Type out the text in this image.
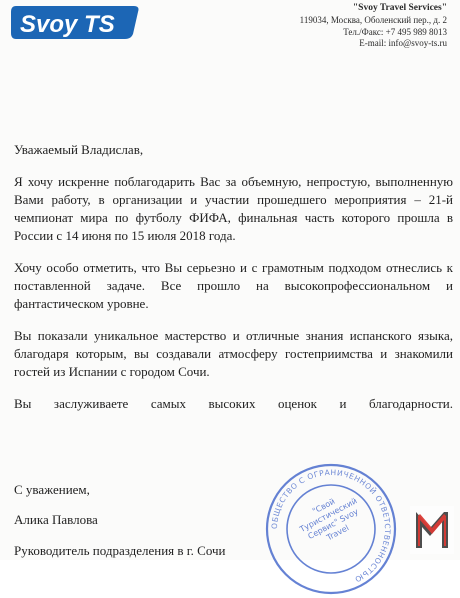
Svoy TS
"Svoy Travel Services"
119034, Москва, Оболенский пер., д. 2
Тел./Факс: +7 495 989 8013
E-mail: info@svoy-ts.ru

Уважаемый Владислав,

Я хочу искренне поблагодарить Вас за объемную, непростую, выполненную Вами работу, в организации и участии прошедшего мероприятия – 21-й чемпионат мира по футболу ФИФА, финальная часть которого прошла в России с 14 июня по 15 июля 2018 года.

Хочу особо отметить, что Вы серьезно и с грамотным подходом отнеслись к поставленной задаче. Все прошло на высокопрофессиональном и фантастическом уровне.

Вы показали уникальное мастерство и отличные знания испанского языка, благодаря которым, вы создавали атмосферу гостеприимства и знакомили гостей из Испании с городом Сочи.

Вы заслуживаете самых высоких оценок и благодарности.

С уважением,
Алика Павлова
Руководитель подразделения в г. Сочи
ОБЩЕСТВО С ОГРАНИЧЕННОЙ ОТВЕТСТВЕННОСТЬЮ
"Свой Туристический Сервис" Svoy Travel
